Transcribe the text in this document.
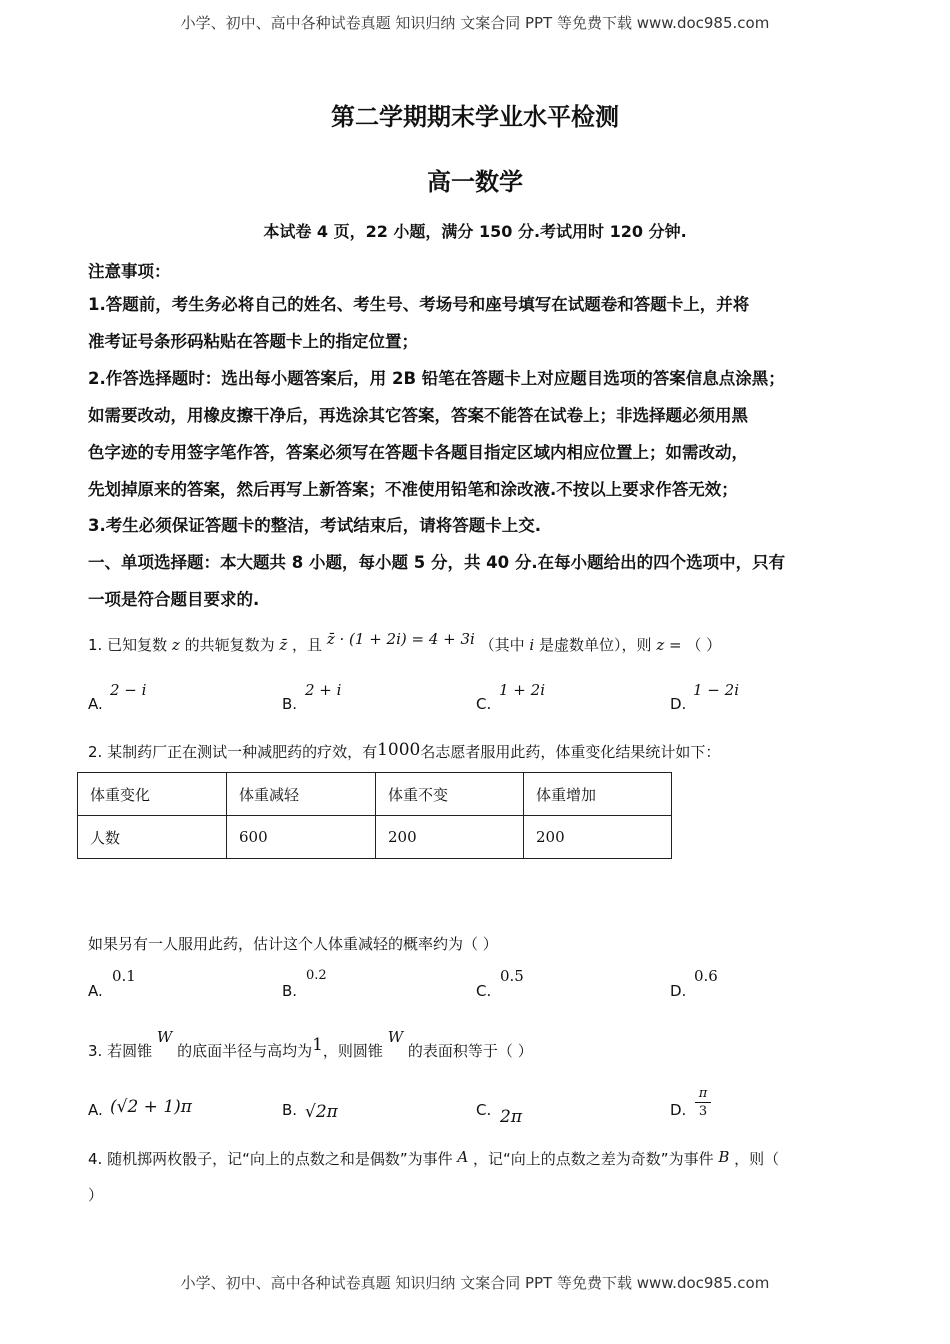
小学、初中、高中各种试卷真题 知识归纳 文案合同 PPT 等免费下载 www.doc985.com
第二学期期末学业水平检测
高一数学
本试卷 4 页，22 小题，满分 150 分.考试用时 120 分钟.
注意事项：
1.答题前，考生务必将自己的姓名、考生号、考场号和座号填写在试题卷和答题卡上，并将
准考证号条形码粘贴在答题卡上的指定位置；
2.作答选择题时：选出每小题答案后，用 2B 铅笔在答题卡上对应题目选项的答案信息点涂黑；
如需要改动，用橡皮擦干净后，再选涂其它答案，答案不能答在试卷上；非选择题必须用黑
色字迹的专用签字笔作答，答案必须写在答题卡各题目指定区域内相应位置上；如需改动，
先划掉原来的答案，然后再写上新答案；不准使用铅笔和涂改液.不按以上要求作答无效；
3.考生必须保证答题卡的整洁，考试结束后，请将答题卡上交.
一、单项选择题：本大题共 8 小题，每小题 5 分，共 40 分.在每小题给出的四个选项中，只有
一项是符合题目要求的.
1. 已知复数 z 的共轭复数为 z̄ ，且 z̄ · (1 + 2i) = 4 + 3i （其中 i 是虚数单位），则 z = （ ）
A.
2 − i
B.
2 + i
C.
1 + 2i
D.
1 − 2i
2. 某制药厂正在测试一种减肥药的疗效，有1000名志愿者服用此药，体重变化结果统计如下：
体重变化	体重减轻	体重不变	体重增加
人数	600	200	200
如果另有一人服用此药，估计这个人体重减轻的概率约为（ ）
A.
0.1
B.
0.2
C.
0.5
D.
0.6
3. 若圆锥 W 的底面半径与高均为1，则圆锥 W 的表面积等于（ ）
A. (√2 + 1)π	B. √2π	C. 2π	D.
π
3
4. 随机掷两枚骰子，记“向上的点数之和是偶数”为事件 A ，记“向上的点数之差为奇数”为事件 B ，则（
）
小学、初中、高中各种试卷真题 知识归纳 文案合同 PPT 等免费下载 www.doc985.com
